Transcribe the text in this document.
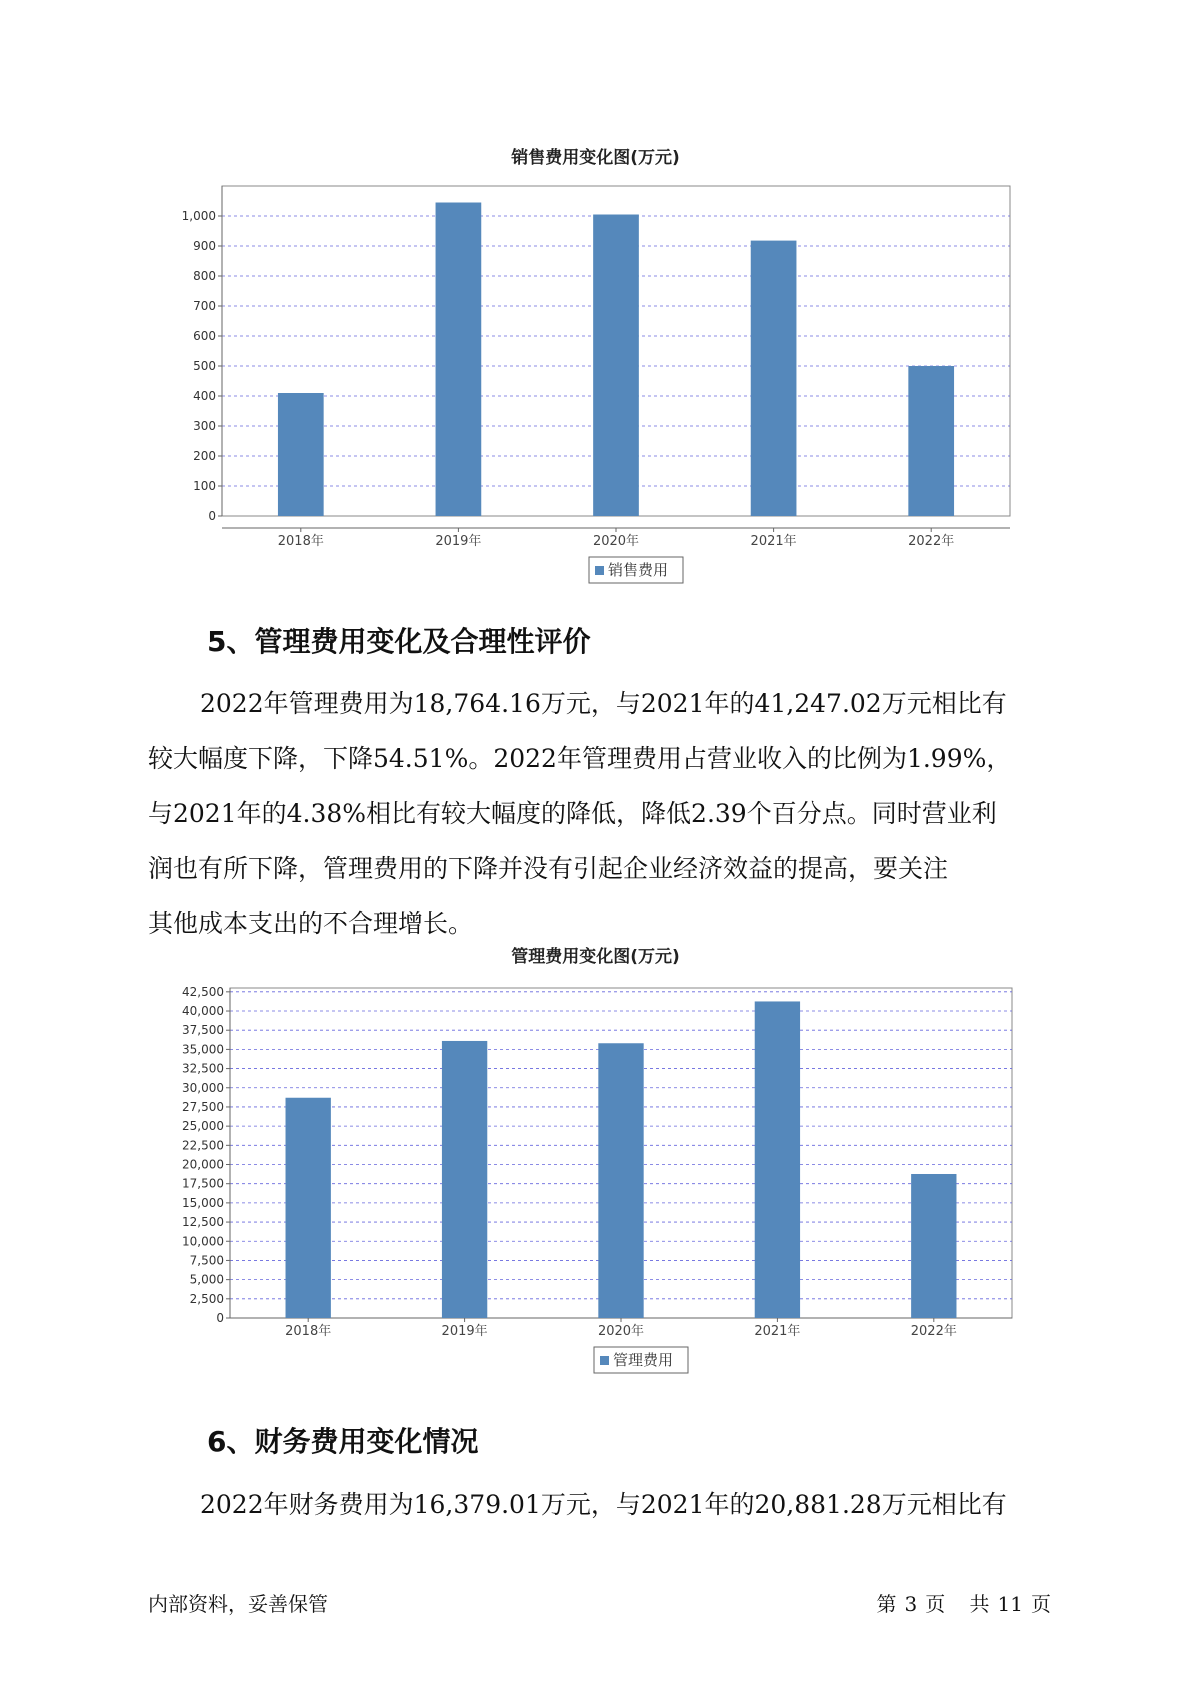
销售费用变化图(万元)
0
100
200
300
400
500
600
700
800
900
1,000
2018年	2019年	2020年	2021年	2022年
销售费用
5、管理费用变化及合理性评价
2022年管理费用为18,764.16万元，与2021年的41,247.02万元相比有
较大幅度下降，下降54.51%。2022年管理费用占营业收入的比例为1.99%，
与2021年的4.38%相比有较大幅度的降低，降低2.39个百分点。同时营业利
润也有所下降，管理费用的下降并没有引起企业经济效益的提高，要关注
其他成本支出的不合理增长。
管理费用变化图(万元)
0
2,500
5,000
7,500
10,000
12,500
15,000
17,500
20,000
22,500
25,000
27,500
30,000
32,500
35,000
37,500
40,000
42,500
2018年	2019年	2020年	2021年	2022年
管理费用
6、财务费用变化情况
2022年财务费用为16,379.01万元，与2021年的20,881.28万元相比有
内部资料，妥善保管	第 3 页 共 11 页
